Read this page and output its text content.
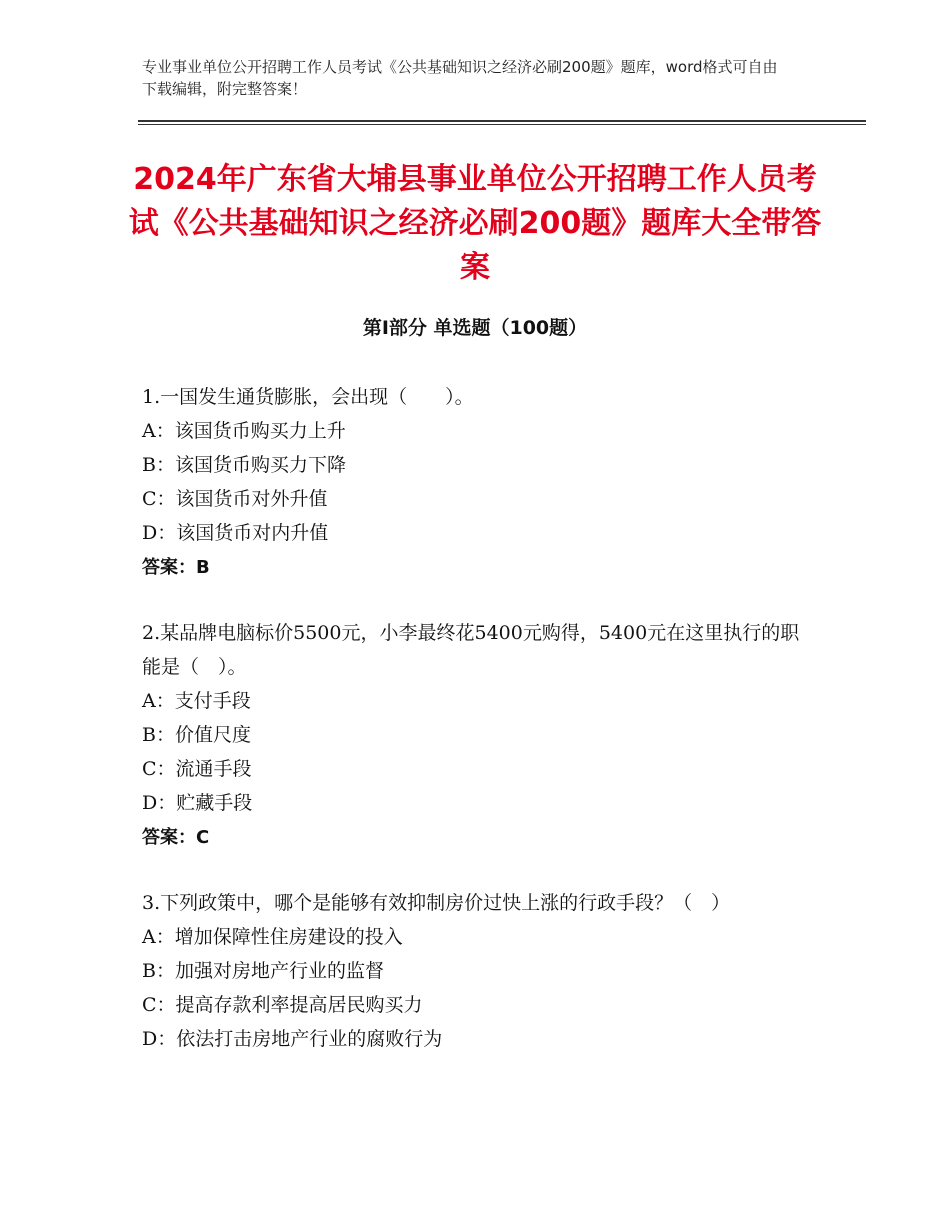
专业事业单位公开招聘工作人员考试《公共基础知识之经济必刷200题》题库，word格式可自由下载编辑，附完整答案！
2024年广东省大埔县事业单位公开招聘工作人员考试《公共基础知识之经济必刷200题》题库大全带答案
第I部分 单选题（100题）

1.一国发生通货膨胀，会出现（　　）。

A：该国货币购买力上升

B：该国货币购买力下降

C：该国货币对外升值

D：该国货币对内升值

答案：B

2.某品牌电脑标价5500元，小李最终花5400元购得，5400元在这里执行的职能是（　）。

A：支付手段

B：价值尺度

C：流通手段

D：贮藏手段

答案：C

3.下列政策中，哪个是能够有效抑制房价过快上涨的行政手段？（　）

A：增加保障性住房建设的投入

B：加强对房地产行业的监督

C：提高存款利率提高居民购买力

D：依法打击房地产行业的腐败行为
